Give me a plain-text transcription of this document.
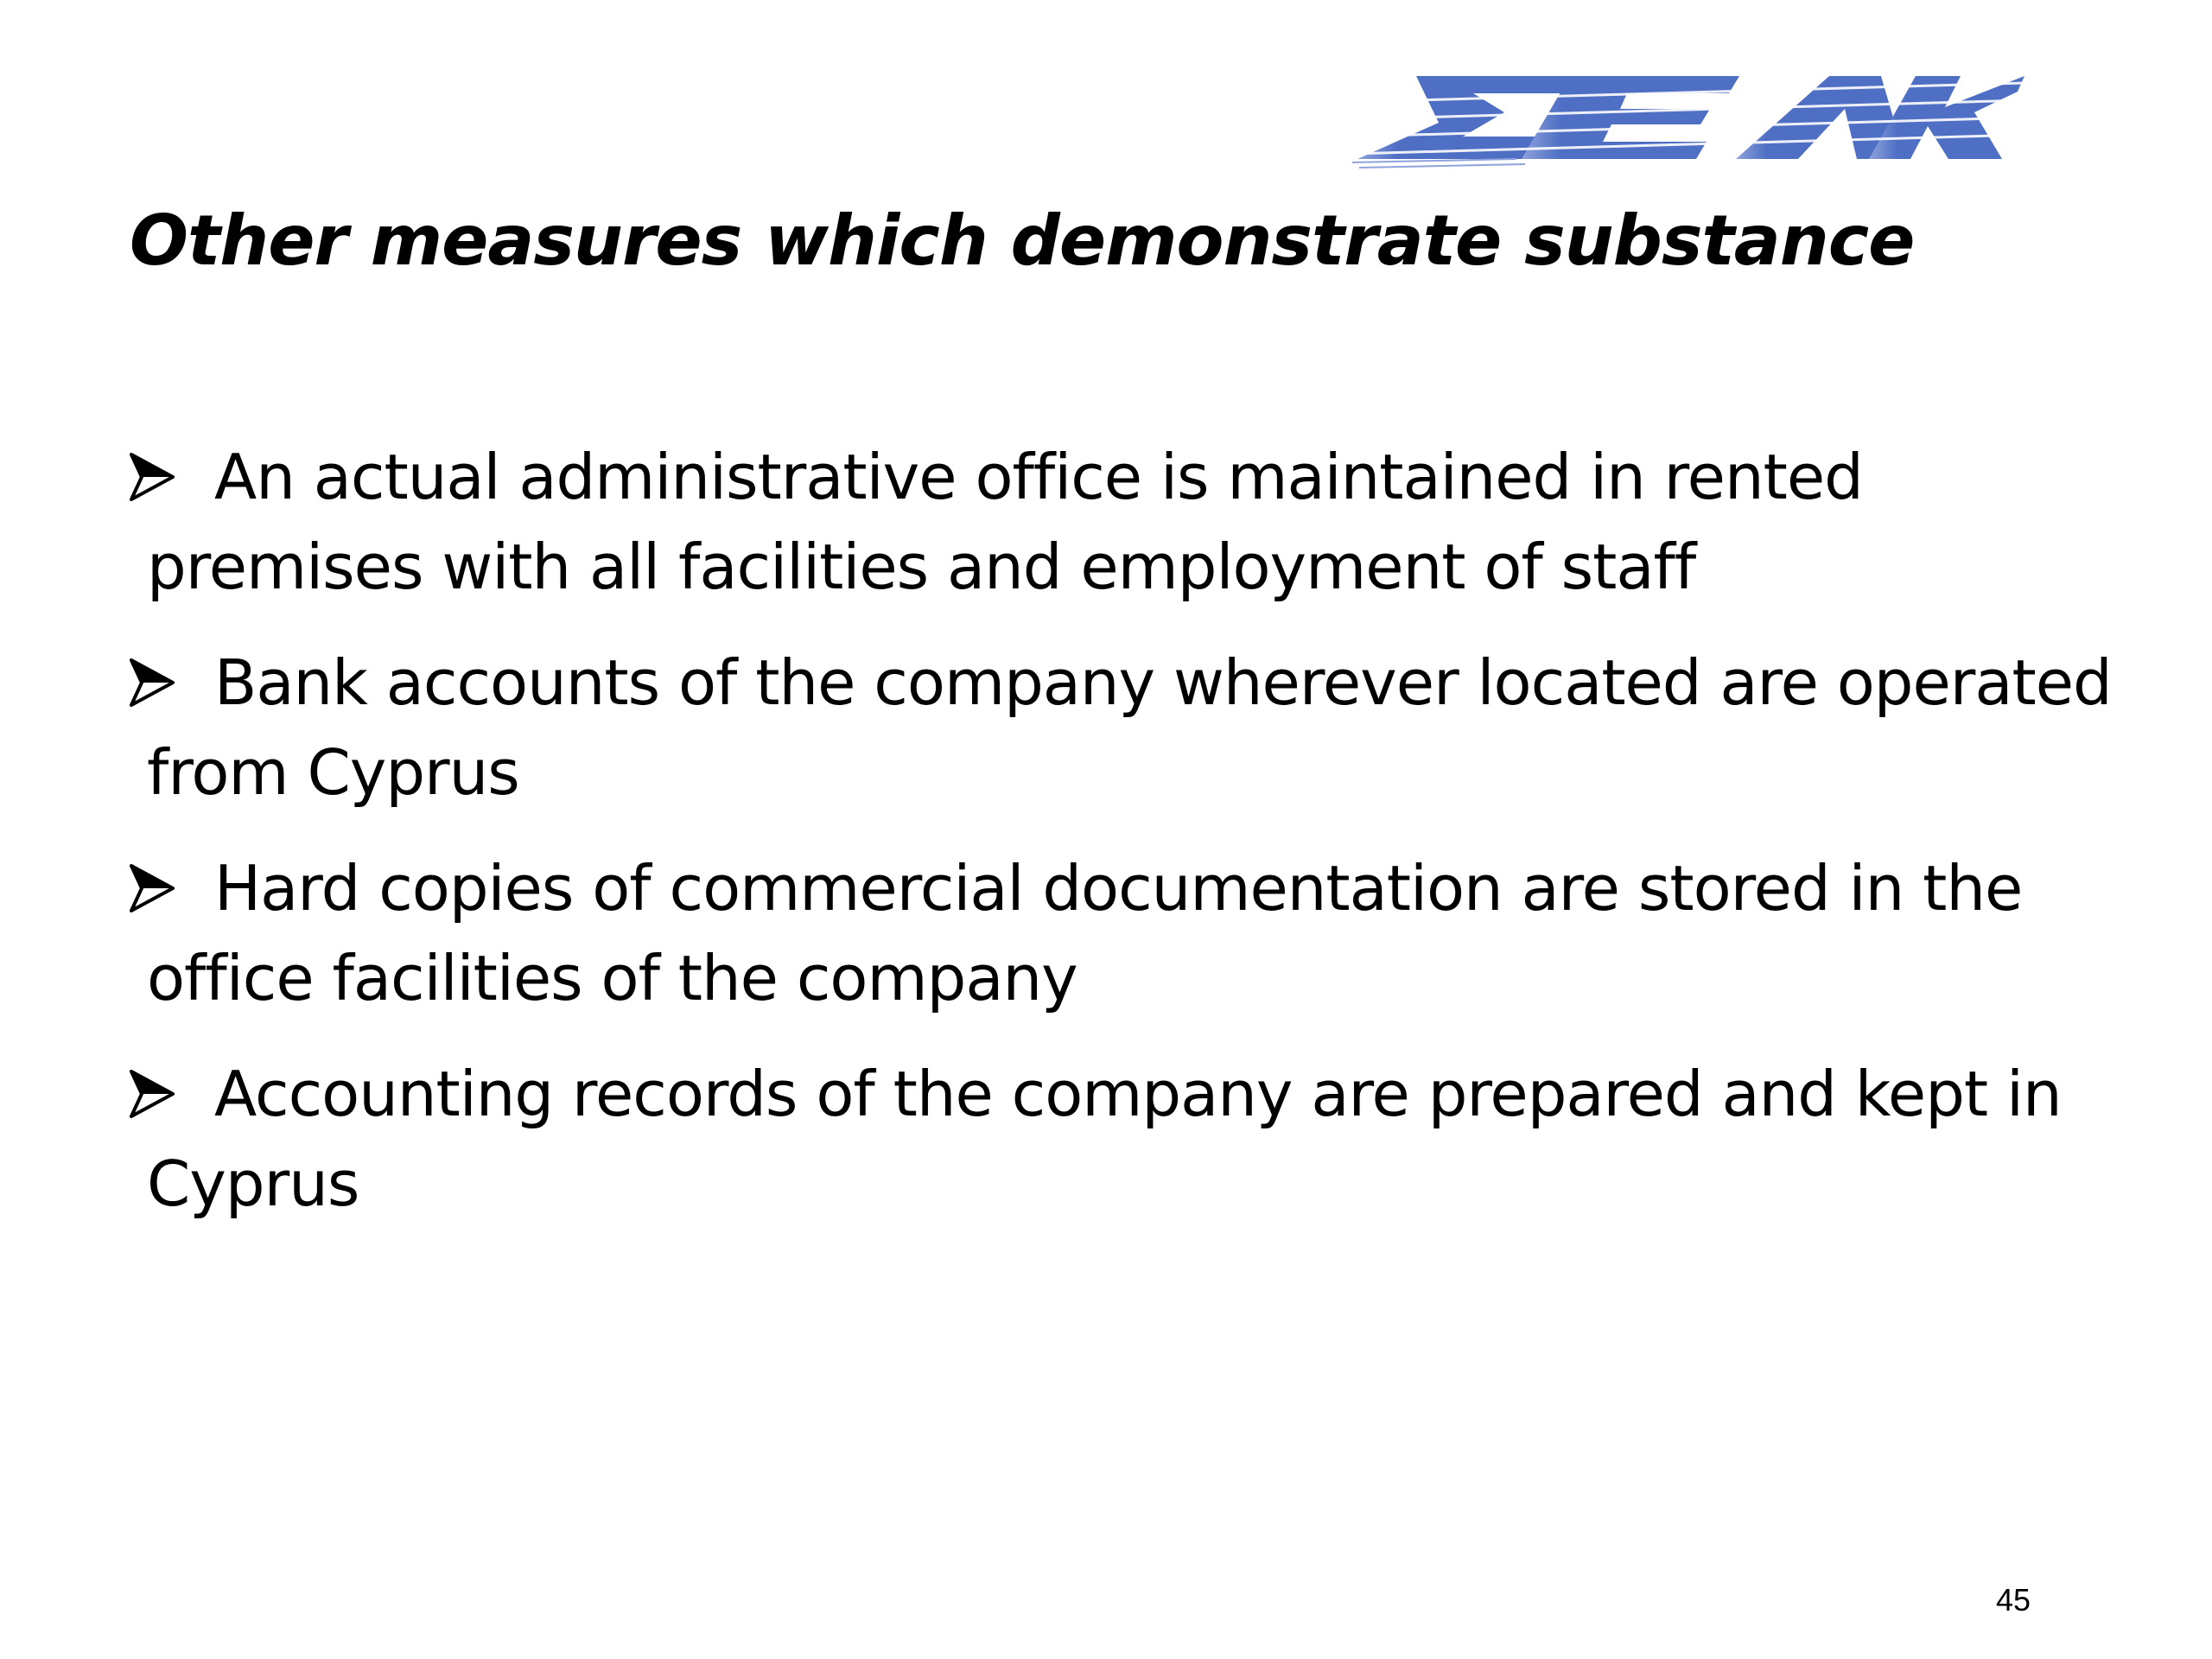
Other measures which demonstrate substance
An actual administrative office is maintained in rented premises with all facilities and employment of staff
Bank accounts of the company wherever located are operated from Cyprus
Hard copies of commercial documentation are stored in the office facilities of the company
Accounting records of the company are prepared and kept in Cyprus
45
